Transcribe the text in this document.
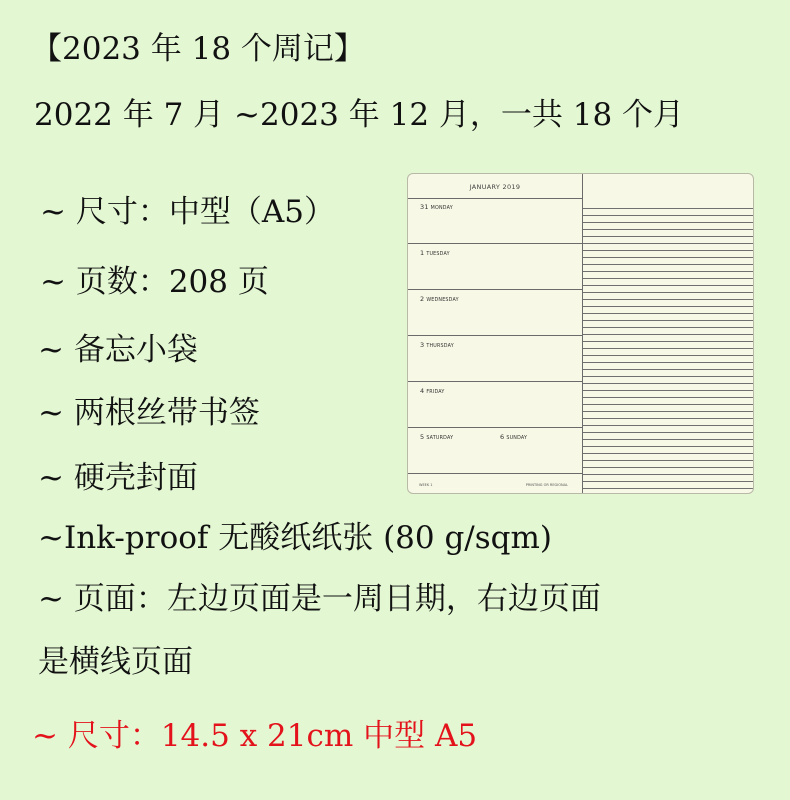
【2023 年 18 个周记】
2022 年 7 月 ~2023 年 12 月，一共 18 个月
~ 尺寸：中型（A5）
~ 页数：208 页
~ 备忘小袋
~ 两根丝带书签
~ 硬壳封面
~Ink-proof 无酸纸纸张 (80 g/sqm)
~ 页面：左边页面是一周日期，右边页面
是横线页面
~ 尺寸：14.5 x 21cm 中型 A5
JANUARY 2019
31 MONDAY
1 TUESDAY
2 WEDNESDAY
3 THURSDAY
4 FRIDAY
5 SATURDAY	6 SUNDAY
WEEK 1	PRINTING OR REGIONAL
